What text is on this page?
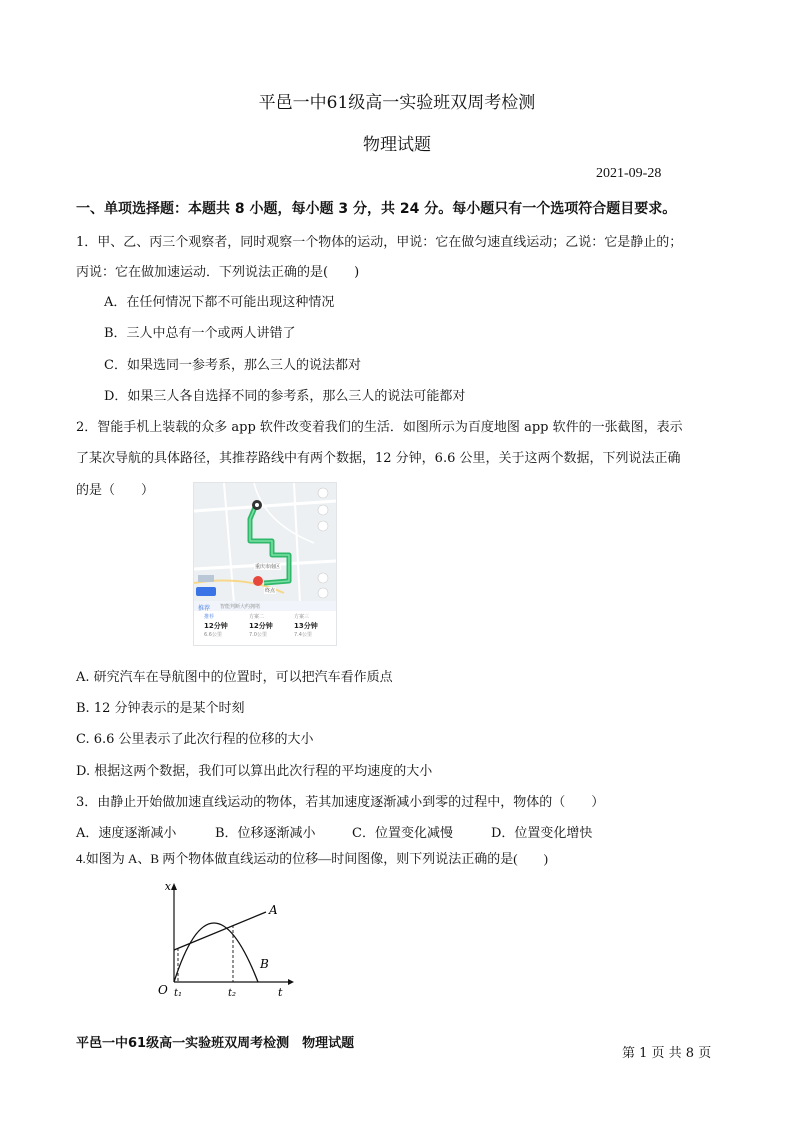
平邑一中61级高一实验班双周考检测
物理试题
2021-09-28
一、单项选择题：本题共 8 小题，每小题 3 分，共 24 分。每小题只有一个选项符合题目要求。
1．甲、乙、丙三个观察者，同时观察一个物体的运动，甲说：它在做匀速直线运动；乙说：它是静止的；
丙说：它在做加速运动．下列说法正确的是(　　)
A．在任何情况下都不可能出现这种情况
B．三人中总有一个或两人讲错了
C．如果选同一参考系，那么三人的说法都对
D．如果三人各自选择不同的参考系，那么三人的说法可能都对
2．智能手机上装载的众多 app 软件改变着我们的生活．如图所示为百度地图 app 软件的一张截图，表示
了某次导航的具体路径，其推荐路线中有两个数据，12 分钟，6.6 公里，关于这两个数据，下列说法正确
的是（　　）
重庆市南区
终点
推荐 智能判断大约拥堵
推荐
12分钟
6.6公里
方案二
12分钟
7.0公里
方案三
13分钟
7.4公里
A. 研究汽车在导航图中的位置时，可以把汽车看作质点
B. 12 分钟表示的是某个时刻
C. 6.6 公里表示了此次行程的位移的大小
D. 根据这两个数据，我们可以算出此次行程的平均速度的大小
3．由静止开始做加速直线运动的物体，若其加速度逐渐减小到零的过程中，物体的（　　）
A．速度逐渐减小	B．位移逐渐减小	C．位置变化减慢	D．位置变化增快
4.如图为 A、B 两个物体做直线运动的位移—时间图像，则下列说法正确的是(　　)
x
t
O
A
B
t₁	t₂
平邑一中61级高一实验班双周考检测　物理试题
第 1 页 共 8 页
